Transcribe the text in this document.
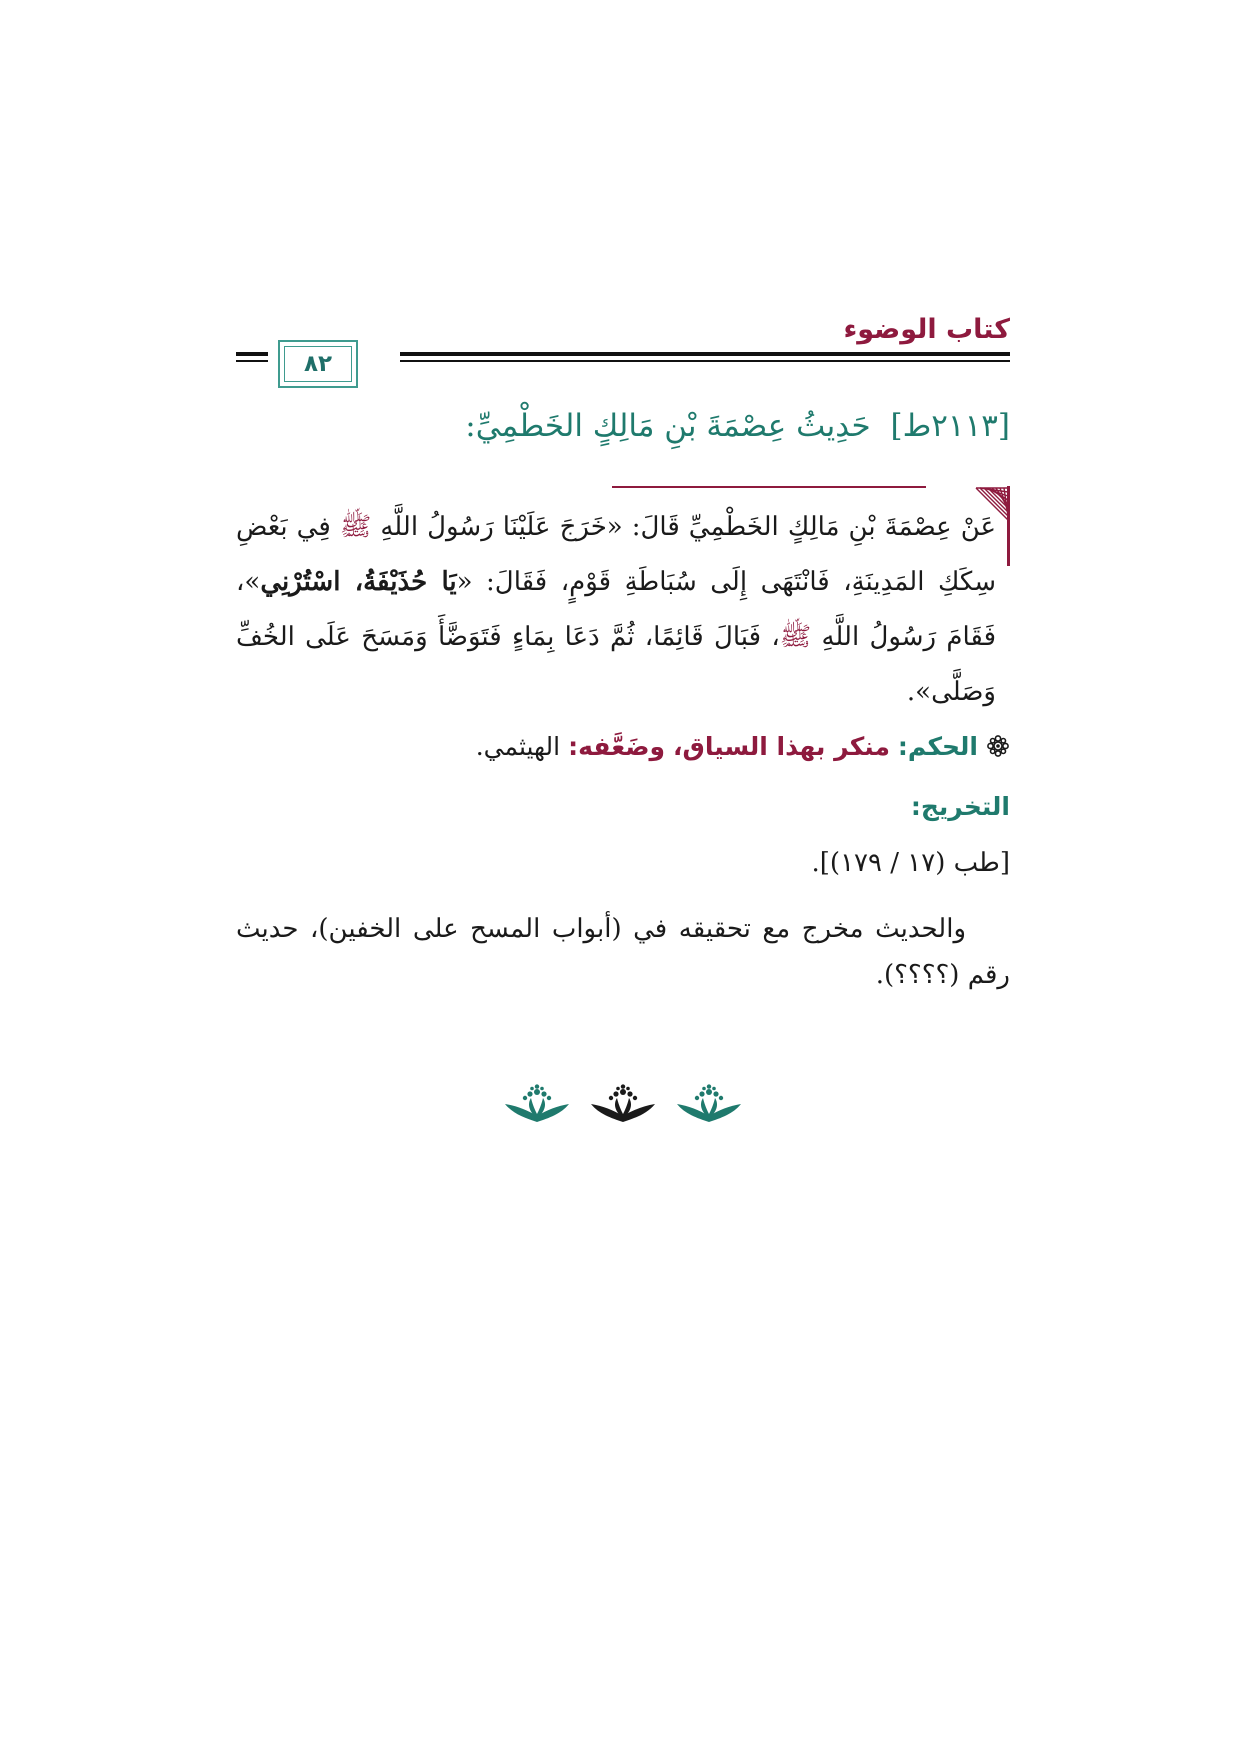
كتاب الوضوء
٨٢
[٢١١٣ط] حَدِيثُ عِصْمَةَ بْنِ مَالِكٍ الخَطْمِيِّ:
عَنْ عِصْمَةَ بْنِ مَالِكٍ الخَطْمِيِّ قَالَ: «خَرَجَ عَلَيْنَا رَسُولُ اللَّهِ ﷺ فِي بَعْضِ سِكَكِ المَدِينَةِ، فَانْتَهَى إِلَى سُبَاطَةِ قَوْمٍ، فَقَالَ: «يَا حُذَيْفَةُ، اسْتُرْنِي»، فَقَامَ رَسُولُ اللَّهِ ﷺ، فَبَالَ قَائِمًا، ثُمَّ دَعَا بِمَاءٍ فَتَوَضَّأَ وَمَسَحَ عَلَى الخُفِّ وَصَلَّى».
الحكم: منكر بهذا السياق، وضَعَّفه: الهيثمي.
التخريج:
[طب (١٧ / ١٧٩)].
والحديث مخرج مع تحقيقه في (أبواب المسح على الخفين)، حديث رقم (؟؟؟؟).
